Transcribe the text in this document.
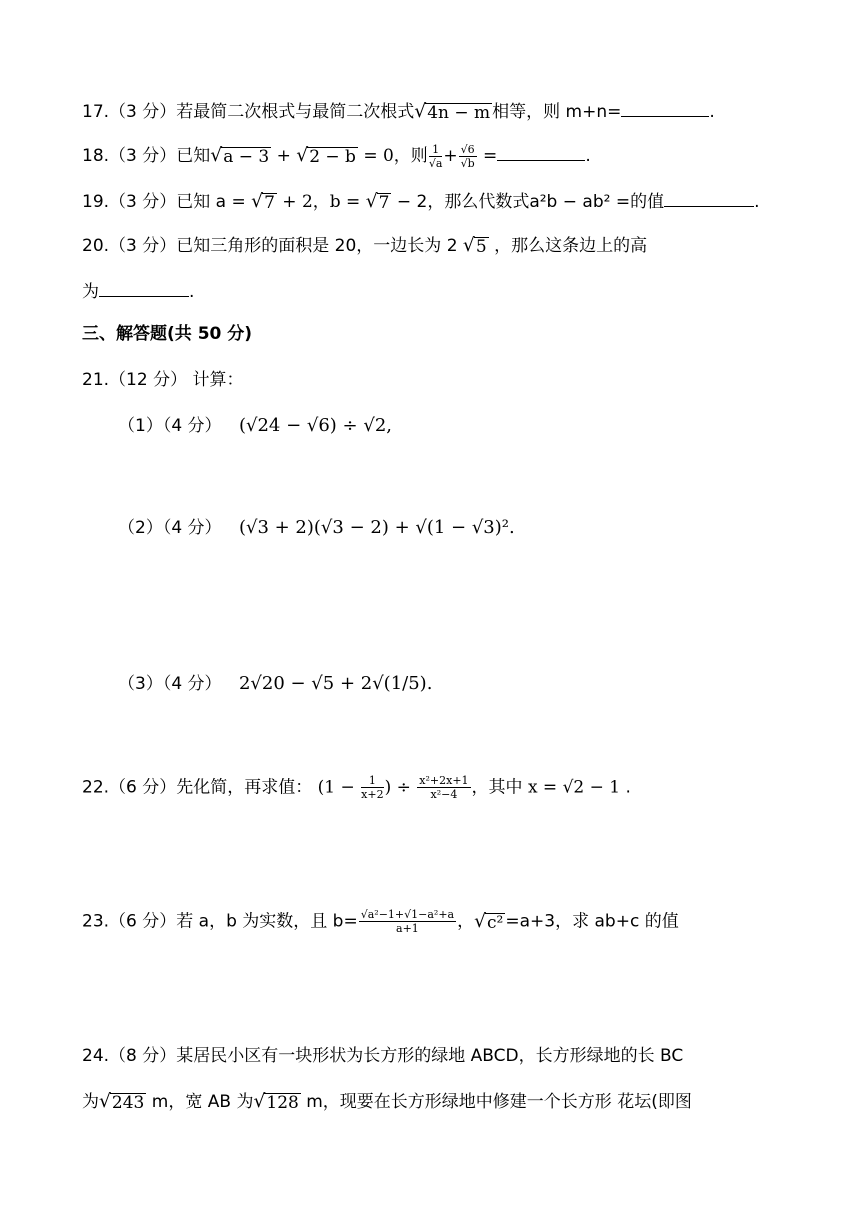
17.（3 分）若最简二次根式与最简二次根式 √ 4n − m 相等，则 m+n=	.
18.（3 分）已知 √ a − 3 + √ 2 − b = 0，则 $\frac{1}{√a} + \frac{√6}{√b}$ =	.
19.（3 分）已知 a = √ 7 + 2，b = √ 7 − 2，那么代数式a²b − ab² =的值	.
20.（3 分）已知三角形的面积是 20，一边长为 2 √ 5 ，那么这条边上的高
为	.
三、解答题(共 50 分)
21.（12 分） 计算：
（1）（4 分） (√24 − √6) ÷ √2,
（2）（4 分） (√3 + 2)(√3 − 2) + √(1 − √3)².
（3）（4 分） 2√20 − √5 + 2√(1/5).
22.（6 分）先化简，再求值： ($1 - \frac{1}{x+2}$ ) ÷ $\frac{\text{x²+2x+1}}{\text{x²−4}}$ ，其中 x = √2 − 1 .
23.（6 分）若 a，b 为实数，且 $b= \frac{\text{√a²−1+√1−a²+a}}{a+1}$ ， √ c² =a+3，求 ab+c 的值
24.（8 分）某居民小区有一块形状为长方形的绿地 ABCD，长方形绿地的长 BC
为 √ 243 m，宽 AB 为 √ 128 m，现要在长方形绿地中修建一个长方形 花坛(即图
